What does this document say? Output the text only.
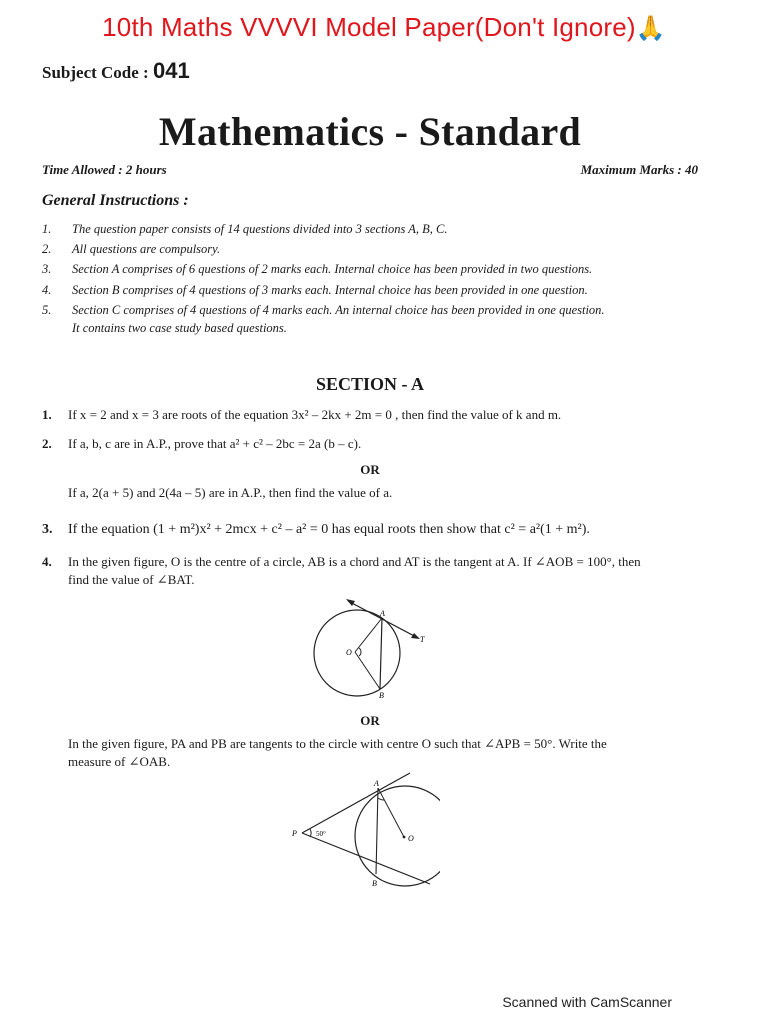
10th Maths VVVVI Model Paper(Don't Ignore)🙏
Subject Code : 041
Mathematics - Standard
Time Allowed : 2 hours	Maximum Marks : 40
General Instructions :
1. The question paper consists of 14 questions divided into 3 sections A, B, C.
2. All questions are compulsory.
3. Section A comprises of 6 questions of 2 marks each. Internal choice has been provided in two questions.
4. Section B comprises of 4 questions of 3 marks each. Internal choice has been provided in one question.
5. Section C comprises of 4 questions of 4 marks each. An internal choice has been provided in one question.
It contains two case study based questions.
SECTION - A
1. If x = 2 and x = 3 are roots of the equation 3x² – 2kx + 2m = 0 , then find the value of k and m.
2. If a, b, c are in A.P., prove that a² + c² – 2bc = 2a (b – c).
OR
If a, 2(a + 5) and 2(4a – 5) are in A.P., then find the value of a.
3. If the equation (1 + m²)x² + 2mcx + c² – a² = 0 has equal roots then show that c² = a²(1 + m²).
4. In the given figure, O is the centre of a circle, AB is a chord and AT is the tangent at A. If ∠AOB = 100°, then
find the value of ∠BAT.
A
B
O
T
OR
In the given figure, PA and PB are tangents to the circle with centre O such that ∠APB = 50°. Write the
measure of ∠OAB.
A
B
O
P	50°
Scanned with CamScanner
